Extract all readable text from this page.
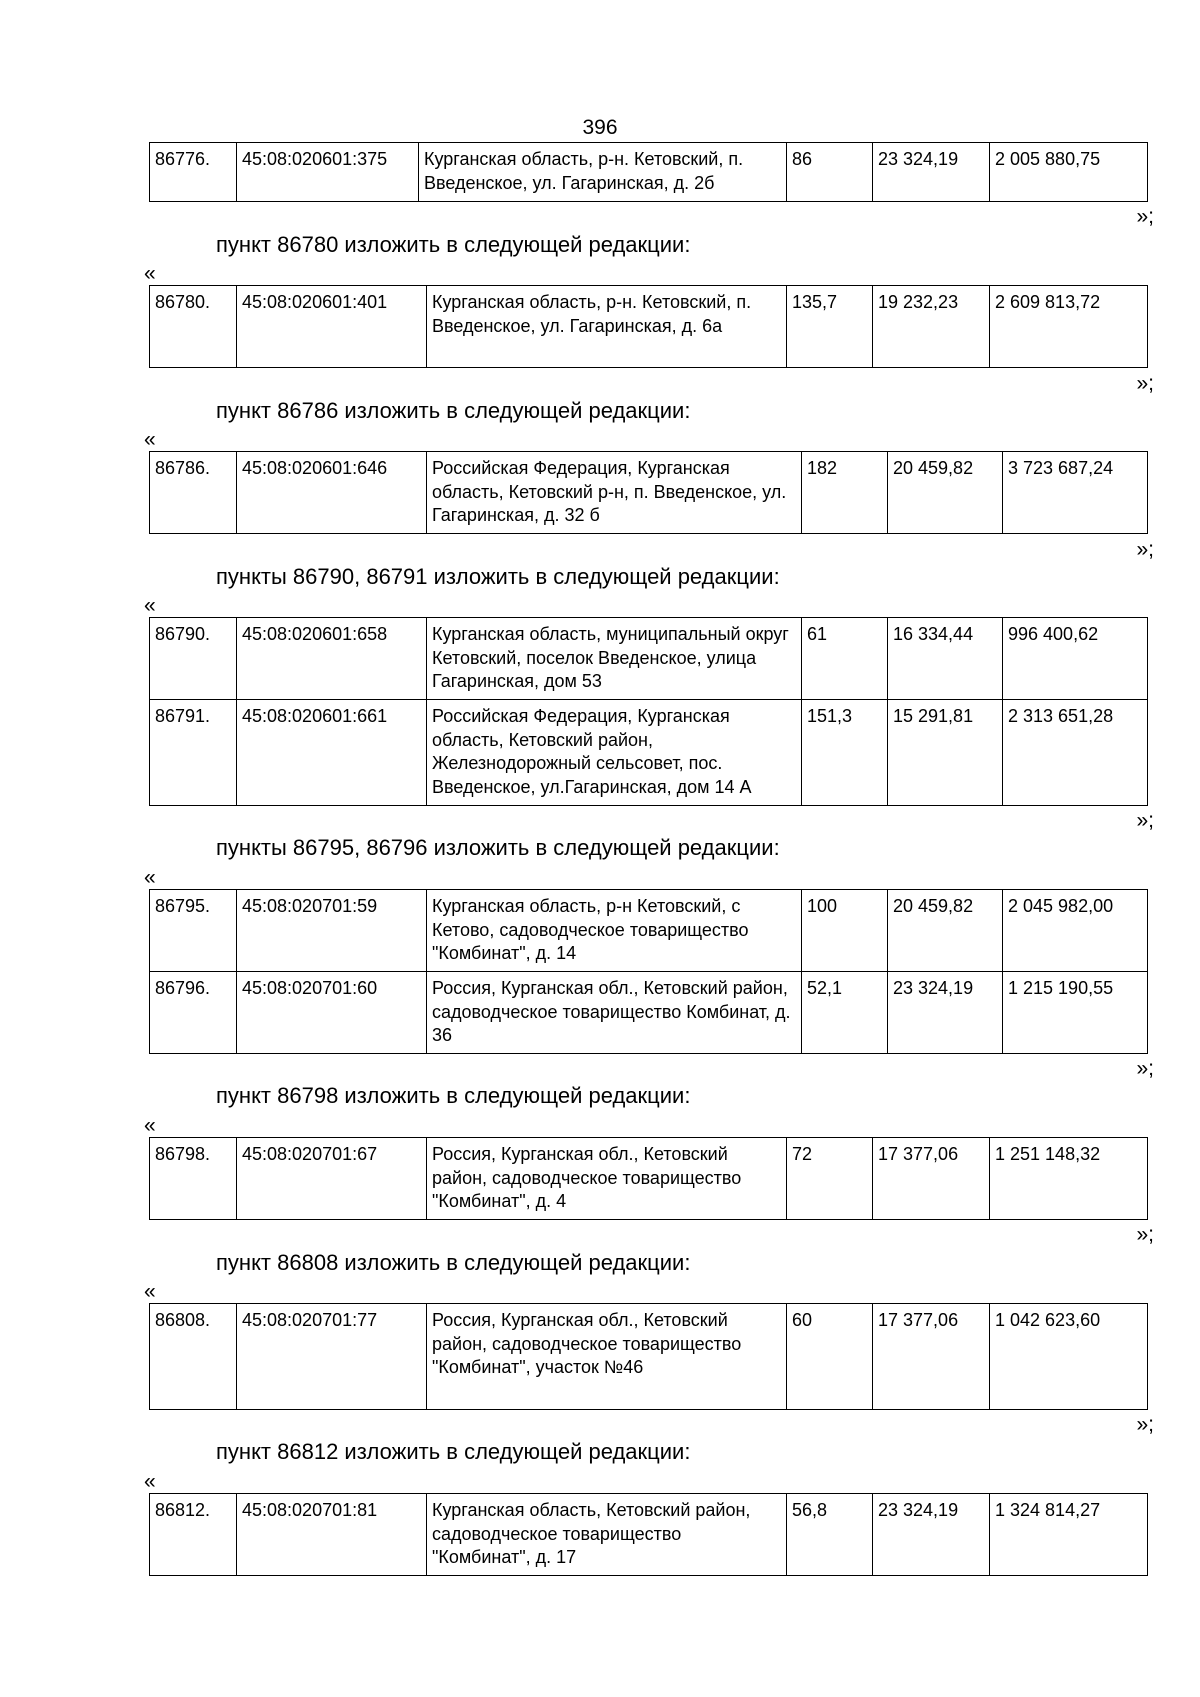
396
86776.	45:08:020601:375	Курганская область, р-н. Кетовский, п. Введенское, ул. Гагаринская, д. 2б	86	23 324,19	2 005 880,75
»;
пункт 86780 изложить в следующей редакции:
«
86780.	45:08:020601:401	Курганская область, р-н. Кетовский, п. Введенское, ул. Гагаринская, д. 6а	135,7	19 232,23	2 609 813,72
»;
пункт 86786 изложить в следующей редакции:
«
86786.	45:08:020601:646	Российская Федерация, Курганская область, Кетовский р-н, п. Введенское, ул. Гагаринская, д. 32 б	182	20 459,82	3 723 687,24
»;
пункты 86790, 86791 изложить в следующей редакции:
«
86790.	45:08:020601:658	Курганская область, муниципальный округ Кетовский, поселок Введенское, улица Гагаринская, дом 53	61	16 334,44	996 400,62
86791.	45:08:020601:661	Российская Федерация, Курганская область, Кетовский район, Железнодорожный сельсовет, пос. Введенское, ул.Гагаринская, дом 14 А	151,3	15 291,81	2 313 651,28
»;
пункты 86795, 86796 изложить в следующей редакции:
«
86795.	45:08:020701:59	Курганская область, р-н Кетовский, с Кетово, садоводческое товарищество "Комбинат", д. 14	100	20 459,82	2 045 982,00
86796.	45:08:020701:60	Россия, Курганская обл., Кетовский район, садоводческое товарищество Комбинат, д. 36	52,1	23 324,19	1 215 190,55
»;
пункт 86798 изложить в следующей редакции:
«
86798.	45:08:020701:67	Россия, Курганская обл., Кетовский район, садоводческое товарищество "Комбинат", д. 4	72	17 377,06	1 251 148,32
»;
пункт 86808 изложить в следующей редакции:
«
86808.	45:08:020701:77	Россия, Курганская обл., Кетовский район, садоводческое товарищество "Комбинат", участок №46	60	17 377,06	1 042 623,60
»;
пункт 86812 изложить в следующей редакции:
«
86812.	45:08:020701:81	Курганская область, Кетовский район, садоводческое товарищество "Комбинат", д. 17	56,8	23 324,19	1 324 814,27
